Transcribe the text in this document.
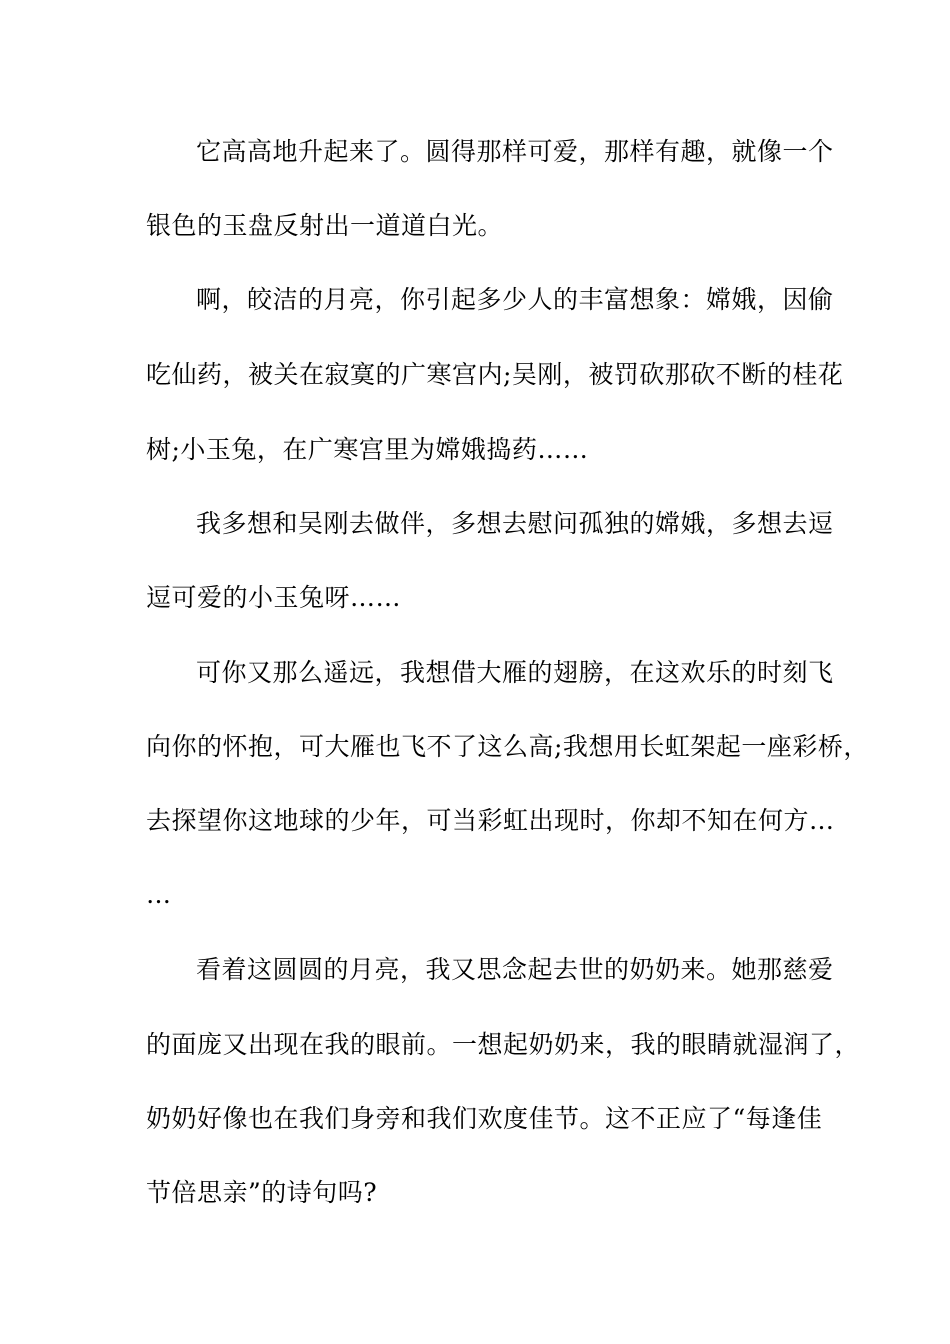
它高高地升起来了。圆得那样可爱，那样有趣，就像一个
银色的玉盘反射出一道道白光。
啊，皎洁的月亮，你引起多少人的丰富想象：嫦娥，因偷
吃仙药，被关在寂寞的广寒宫内;吴刚，被罚砍那砍不断的桂花
树;小玉兔，在广寒宫里为嫦娥捣药……
我多想和吴刚去做伴，多想去慰问孤独的嫦娥，多想去逗
逗可爱的小玉兔呀……
可你又那么遥远，我想借大雁的翅膀，在这欢乐的时刻飞
向你的怀抱，可大雁也飞不了这么高;我想用长虹架起一座彩桥，
去探望你这地球的少年，可当彩虹出现时，你却不知在何方…
…
看着这圆圆的月亮，我又思念起去世的奶奶来。她那慈爱
的面庞又出现在我的眼前。一想起奶奶来，我的眼睛就湿润了，
奶奶好像也在我们身旁和我们欢度佳节。这不正应了“每逢佳
节倍思亲”的诗句吗?
